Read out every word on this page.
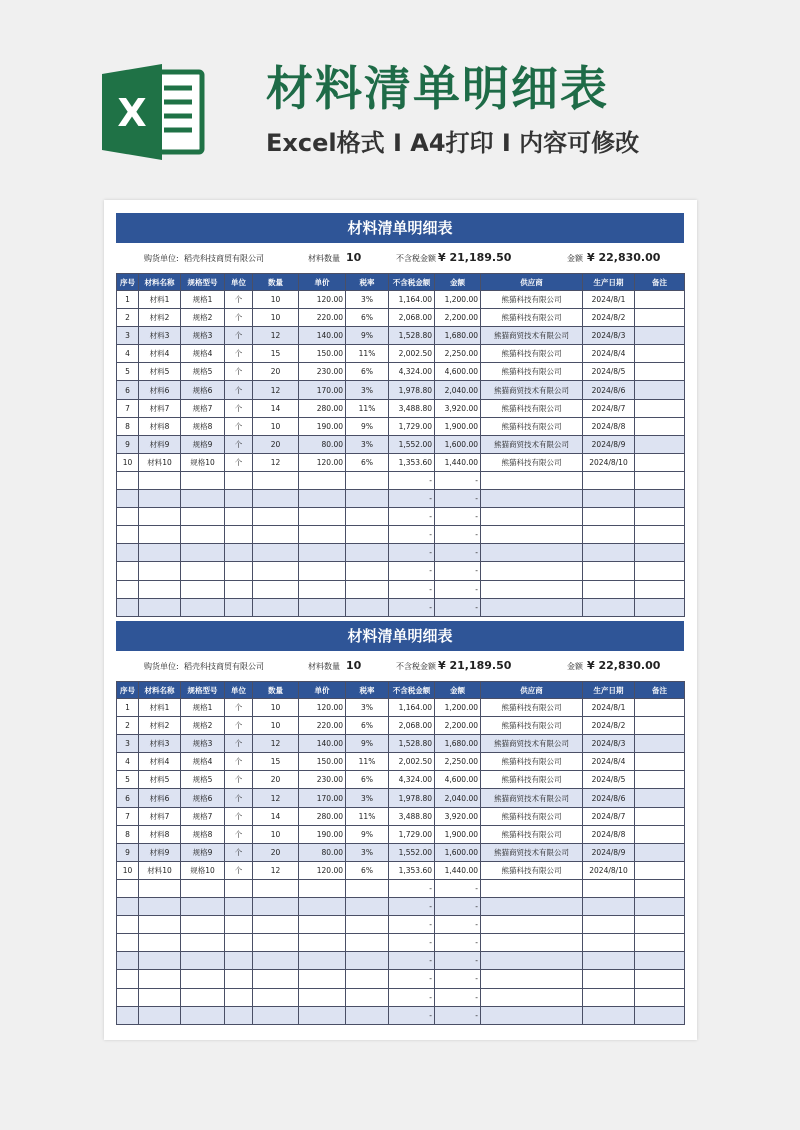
X	材料清单明细表
Excel格式 I A4打印 I 内容可修改
材料清单明细表
购货单位: 稻壳科技商贸有限公司	材料数量 10	不含税金额 ¥ 21,189.50	金额 ¥ 22,830.00
序号	材料名称	规格型号	单位	数量	单价	税率	不含税金额	金额	供应商	生产日期	备注
1	材料1	规格1	个	10	120.00	3%	1,164.00	1,200.00	熊猫科技有限公司	2024/8/1	
2	材料2	规格2	个	10	220.00	6%	2,068.00	2,200.00	熊猫科技有限公司	2024/8/2	
3	材料3	规格3	个	12	140.00	9%	1,528.80	1,680.00	熊猫商贸技术有限公司	2024/8/3	
4	材料4	规格4	个	15	150.00	11%	2,002.50	2,250.00	熊猫科技有限公司	2024/8/4	
5	材料5	规格5	个	20	230.00	6%	4,324.00	4,600.00	熊猫科技有限公司	2024/8/5	
6	材料6	规格6	个	12	170.00	3%	1,978.80	2,040.00	熊猫商贸技术有限公司	2024/8/6	
7	材料7	规格7	个	14	280.00	11%	3,488.80	3,920.00	熊猫科技有限公司	2024/8/7	
8	材料8	规格8	个	10	190.00	9%	1,729.00	1,900.00	熊猫科技有限公司	2024/8/8	
9	材料9	规格9	个	20	80.00	3%	1,552.00	1,600.00	熊猫商贸技术有限公司	2024/8/9	
10	材料10	规格10	个	12	120.00	6%	1,353.60	1,440.00	熊猫科技有限公司	2024/8/10	
							-	-			
							-	-			
							-	-			
							-	-			
							-	-			
							-	-			
							-	-			
							-	-			
材料清单明细表
购货单位: 稻壳科技商贸有限公司	材料数量 10	不含税金额 ¥ 21,189.50	金额 ¥ 22,830.00
序号	材料名称	规格型号	单位	数量	单价	税率	不含税金额	金额	供应商	生产日期	备注
1	材料1	规格1	个	10	120.00	3%	1,164.00	1,200.00	熊猫科技有限公司	2024/8/1	
2	材料2	规格2	个	10	220.00	6%	2,068.00	2,200.00	熊猫科技有限公司	2024/8/2	
3	材料3	规格3	个	12	140.00	9%	1,528.80	1,680.00	熊猫商贸技术有限公司	2024/8/3	
4	材料4	规格4	个	15	150.00	11%	2,002.50	2,250.00	熊猫科技有限公司	2024/8/4	
5	材料5	规格5	个	20	230.00	6%	4,324.00	4,600.00	熊猫科技有限公司	2024/8/5	
6	材料6	规格6	个	12	170.00	3%	1,978.80	2,040.00	熊猫商贸技术有限公司	2024/8/6	
7	材料7	规格7	个	14	280.00	11%	3,488.80	3,920.00	熊猫科技有限公司	2024/8/7	
8	材料8	规格8	个	10	190.00	9%	1,729.00	1,900.00	熊猫科技有限公司	2024/8/8	
9	材料9	规格9	个	20	80.00	3%	1,552.00	1,600.00	熊猫商贸技术有限公司	2024/8/9	
10	材料10	规格10	个	12	120.00	6%	1,353.60	1,440.00	熊猫科技有限公司	2024/8/10	
							-	-			
							-	-			
							-	-			
							-	-			
							-	-			
							-	-			
							-	-			
							-	-			
